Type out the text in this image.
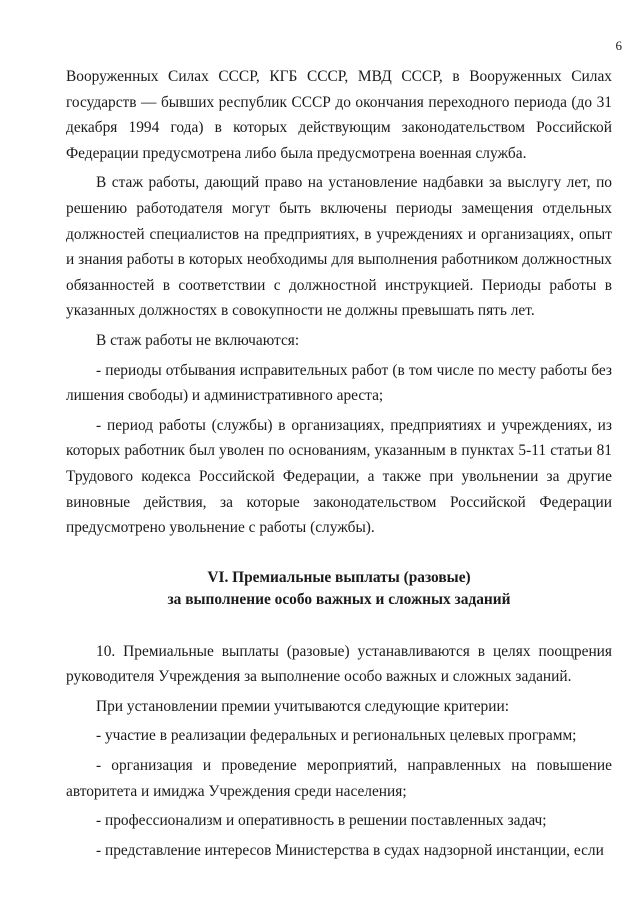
6

Вооруженных Силах СССР, КГБ СССР, МВД СССР, в Вооруженных Силах государств — бывших республик СССР до окончания переходного периода (до 31 декабря 1994 года) в которых действующим законодательством Российской Федерации предусмотрена либо была предусмотрена военная служба.

В стаж работы, дающий право на установление надбавки за выслугу лет, по решению работодателя могут быть включены периоды замещения отдельных должностей специалистов на предприятиях, в учреждениях и организациях, опыт и знания работы в которых необходимы для выполнения работником должностных обязанностей в соответствии с должностной инструкцией. Периоды работы в указанных должностях в совокупности не должны превышать пять лет.

В стаж работы не включаются:

- периоды отбывания исправительных работ (в том числе по месту работы без лишения свободы) и административного ареста;

- период работы (службы) в организациях, предприятиях и учреждениях, из которых работник был уволен по основаниям, указанным в пунктах 5-11 статьи 81 Трудового кодекса Российской Федерации, а также при увольнении за другие виновные действия, за которые законодательством Российской Федерации предусмотрено увольнение с работы (службы).

VI. Премиальные выплаты (разовые)

за выполнение особо важных и сложных заданий

10. Премиальные выплаты (разовые) устанавливаются в целях поощрения руководителя Учреждения за выполнение особо важных и сложных заданий.

При установлении премии учитываются следующие критерии:

- участие в реализации федеральных и региональных целевых программ;

- организация и проведение мероприятий, направленных на повышение авторитета и имиджа Учреждения среди населения;

- профессионализм и оперативность в решении поставленных задач;

- представление интересов Министерства в судах надзорной инстанции, если
